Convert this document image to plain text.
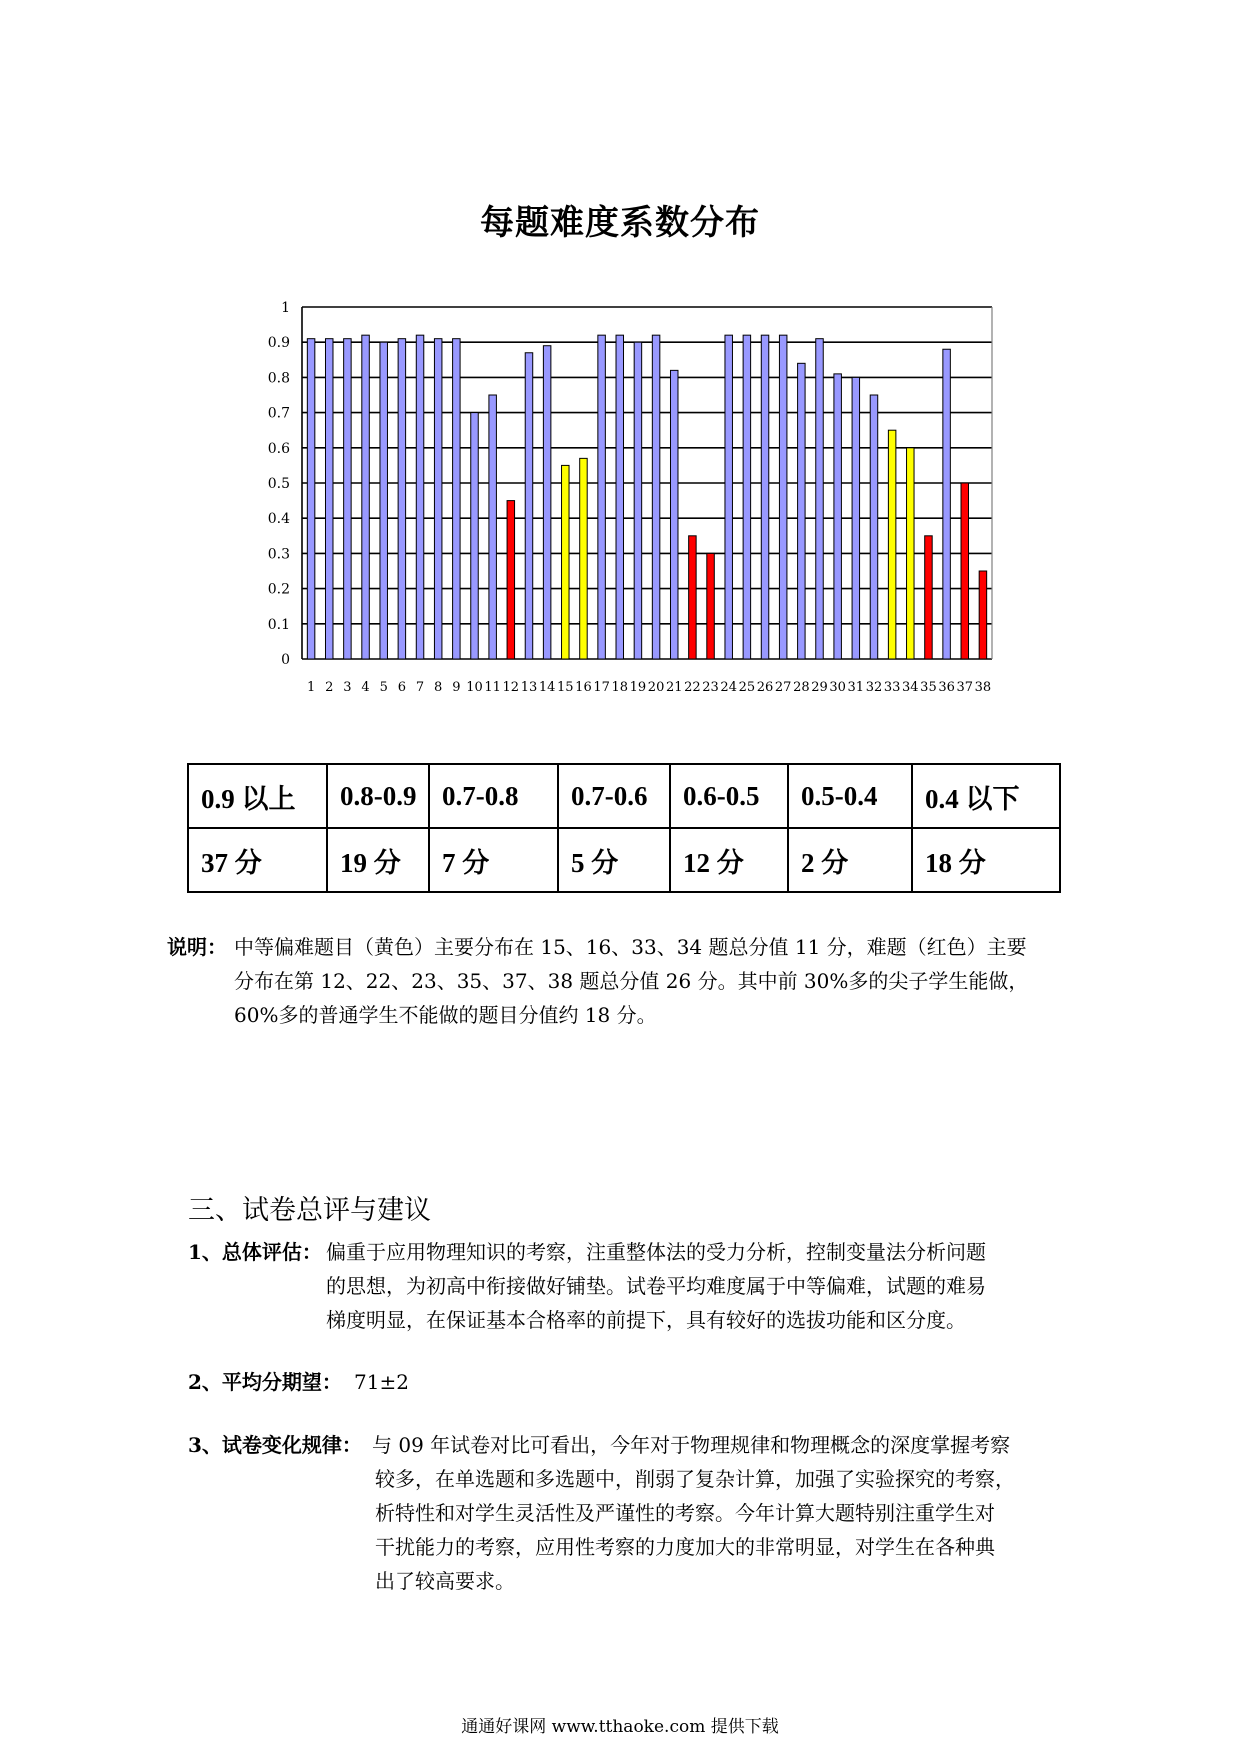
每题难度系数分布
0
0.1
0.2
0.3
0.4
0.5
0.6
0.7
0.8
0.9
1
1 2 3 4 5 6 7 8 9 10 11 12 13 14 15 16 17 18 19 20 21 22 23 24 25 26 27 28 29 30 31 32 33 34 35 36 37 38
0.9 以上	0.8-0.9	0.7-0.8	0.7-0.6	0.6-0.5	0.5-0.4	0.4 以下
37 分	19 分	7 分	5 分	12 分	2 分	18 分
说明： 中等偏难题目（黄色）主要分布在 15、16、33、34 题总分值 11 分，难题（红色）主要
分布在第 12、22、23、35、37、38 题总分值 26 分。其中前 30%多的尖子学生能做，
60%多的普通学生不能做的题目分值约 18 分。
三、试卷总评与建议
1、总体评估： 偏重于应用物理知识的考察，注重整体法的受力分析，控制变量法分析问题
的思想，为初高中衔接做好铺垫。试卷平均难度属于中等偏难，试题的难易
梯度明显，在保证基本合格率的前提下，具有较好的选拔功能和区分度。
2、平均分期望： 71±2
3、试卷变化规律： 与 09 年试卷对比可看出，今年对于物理规律和物理概念的深度掌握考察
较多，在单选题和多选题中，削弱了复杂计算，加强了实验探究的考察，
析特性和对学生灵活性及严谨性的考察。今年计算大题特别注重学生对
干扰能力的考察，应用性考察的力度加大的非常明显，对学生在各种典
出了较高要求。
通通好课网 www.tthaoke.com 提供下载
